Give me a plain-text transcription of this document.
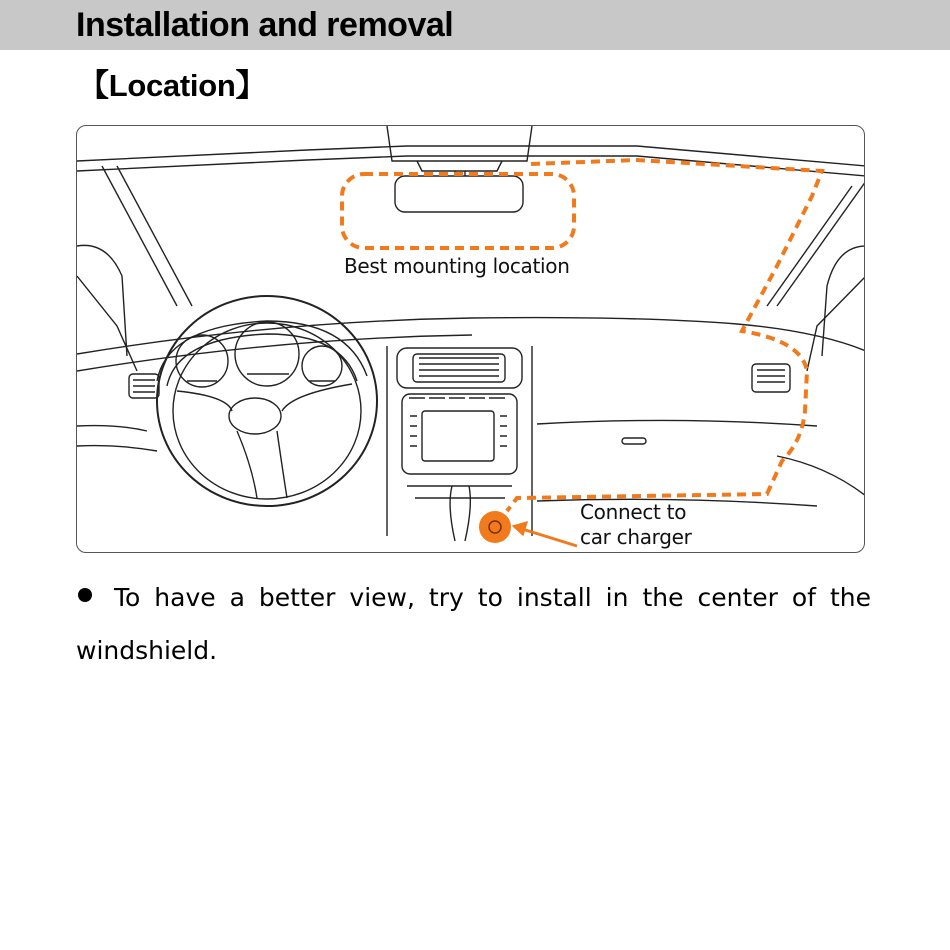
Installation and removal
【Location】
Best mounting location
Connect to
car charger

To have a better view, try to install in the center of the windshield.
